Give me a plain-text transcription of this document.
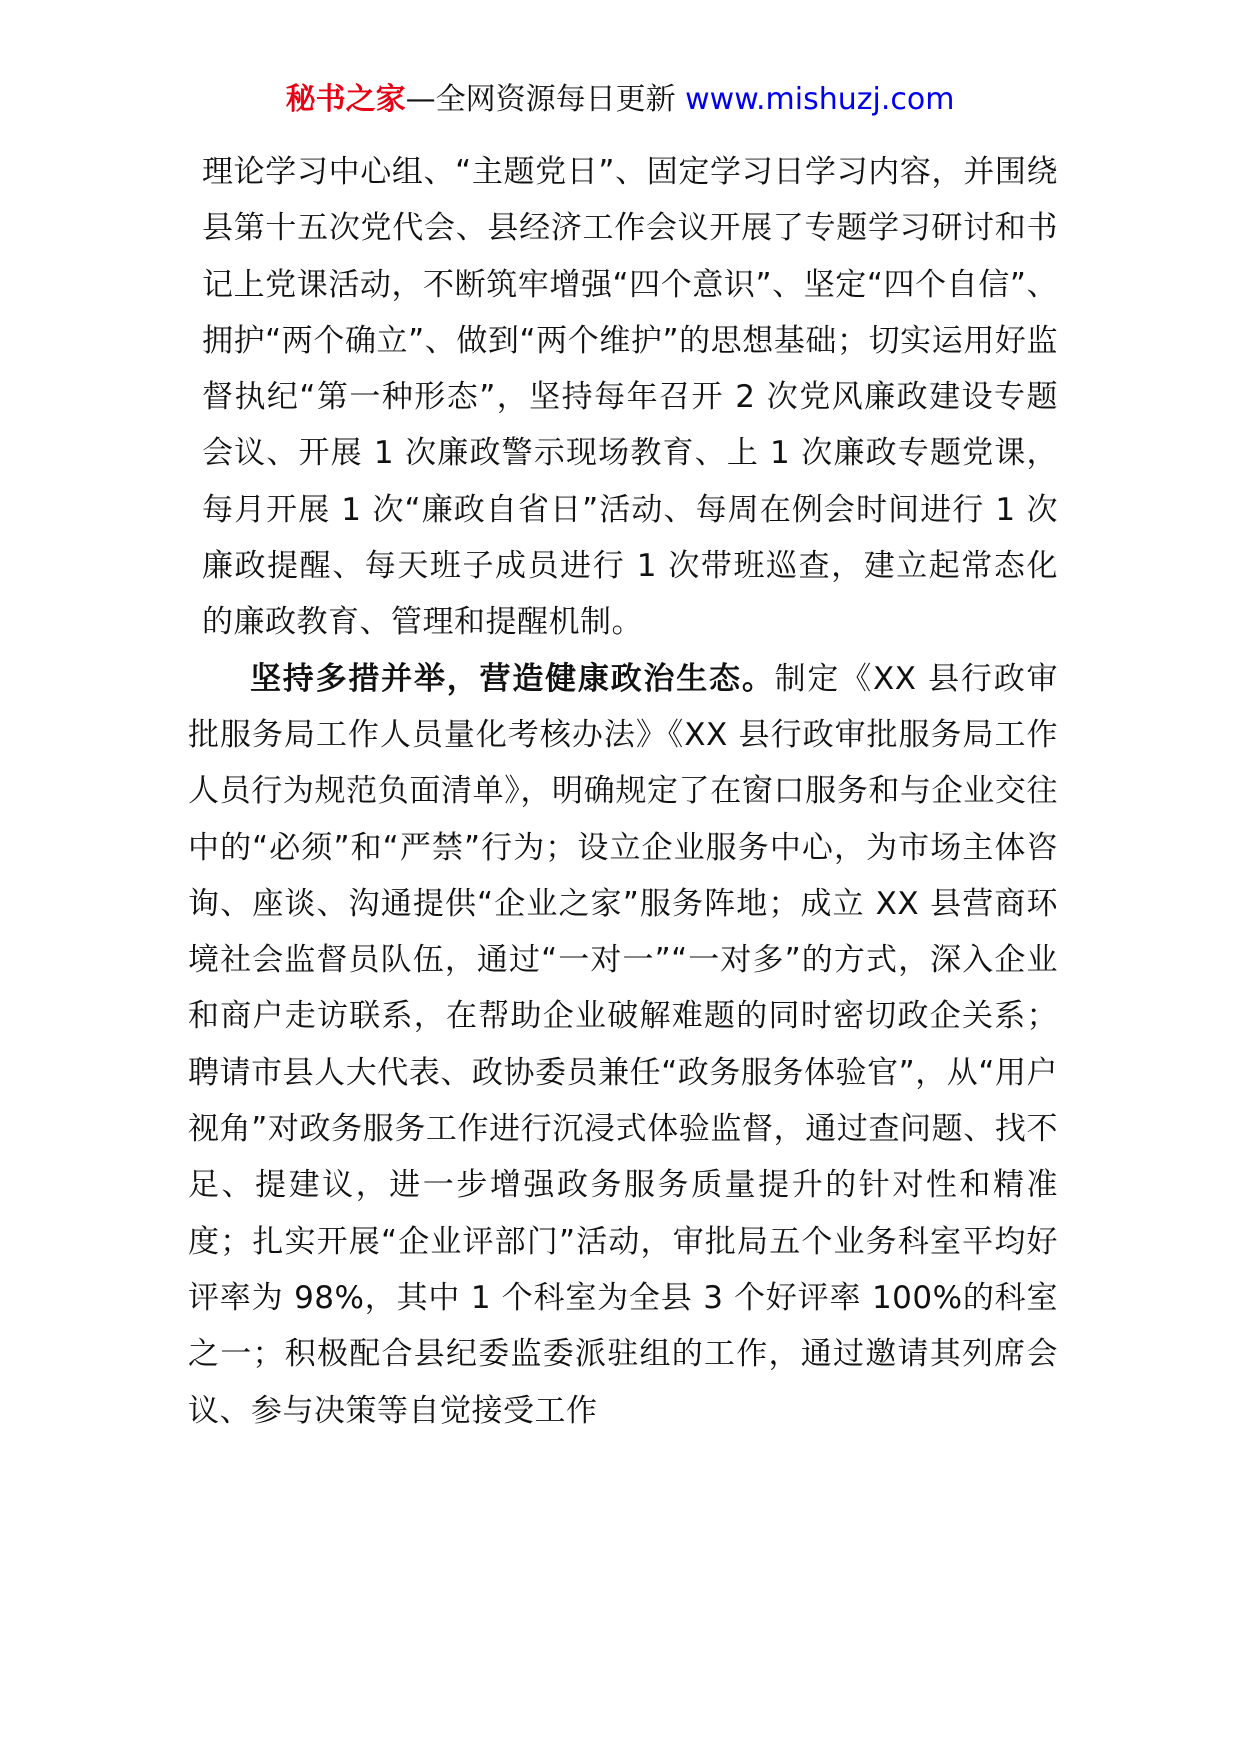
秘书之家—全网资源每日更新 www.mishuzj.com

理论学习中心组、“主题党日”、固定学习日学习内容，并围绕县第十五次党代会、县经济工作会议开展了专题学习研讨和书记上党课活动，不断筑牢增强“四个意识”、坚定“四个自信”、拥护“两个确立”、做到“两个维护”的思想基础；切实运用好监督执纪“第一种形态”，坚持每年召开 2 次党风廉政建设专题会议、开展 1 次廉政警示现场教育、上 1 次廉政专题党课，每月开展 1 次“廉政自省日”活动、每周在例会时间进行 1 次廉政提醒、每天班子成员进行 1 次带班巡查，建立起常态化的廉政教育、管理和提醒机制。

坚持多措并举，营造健康政治生态。制定《XX 县行政审批服务局工作人员量化考核办法》《XX 县行政审批服务局工作人员行为规范负面清单》，明确规定了在窗口服务和与企业交往中的“必须”和“严禁”行为；设立企业服务中心，为市场主体咨询、座谈、沟通提供“企业之家”服务阵地；成立 XX 县营商环境社会监督员队伍，通过“一对一”“一对多”的方式，深入企业和商户走访联系，在帮助企业破解难题的同时密切政企关系；聘请市县人大代表、政协委员兼任“政务服务体验官”，从“用户视角”对政务服务工作进行沉浸式体验监督，通过查问题、找不足、提建议，进一步增强政务服务质量提升的针对性和精准度；扎实开展“企业评部门”活动，审批局五个业务科室平均好评率为 98%，其中 1 个科室为全县 3 个好评率 100%的科室之一；积极配合县纪委监委派驻组的工作，通过邀请其列席会议、参与决策等自觉接受工作
